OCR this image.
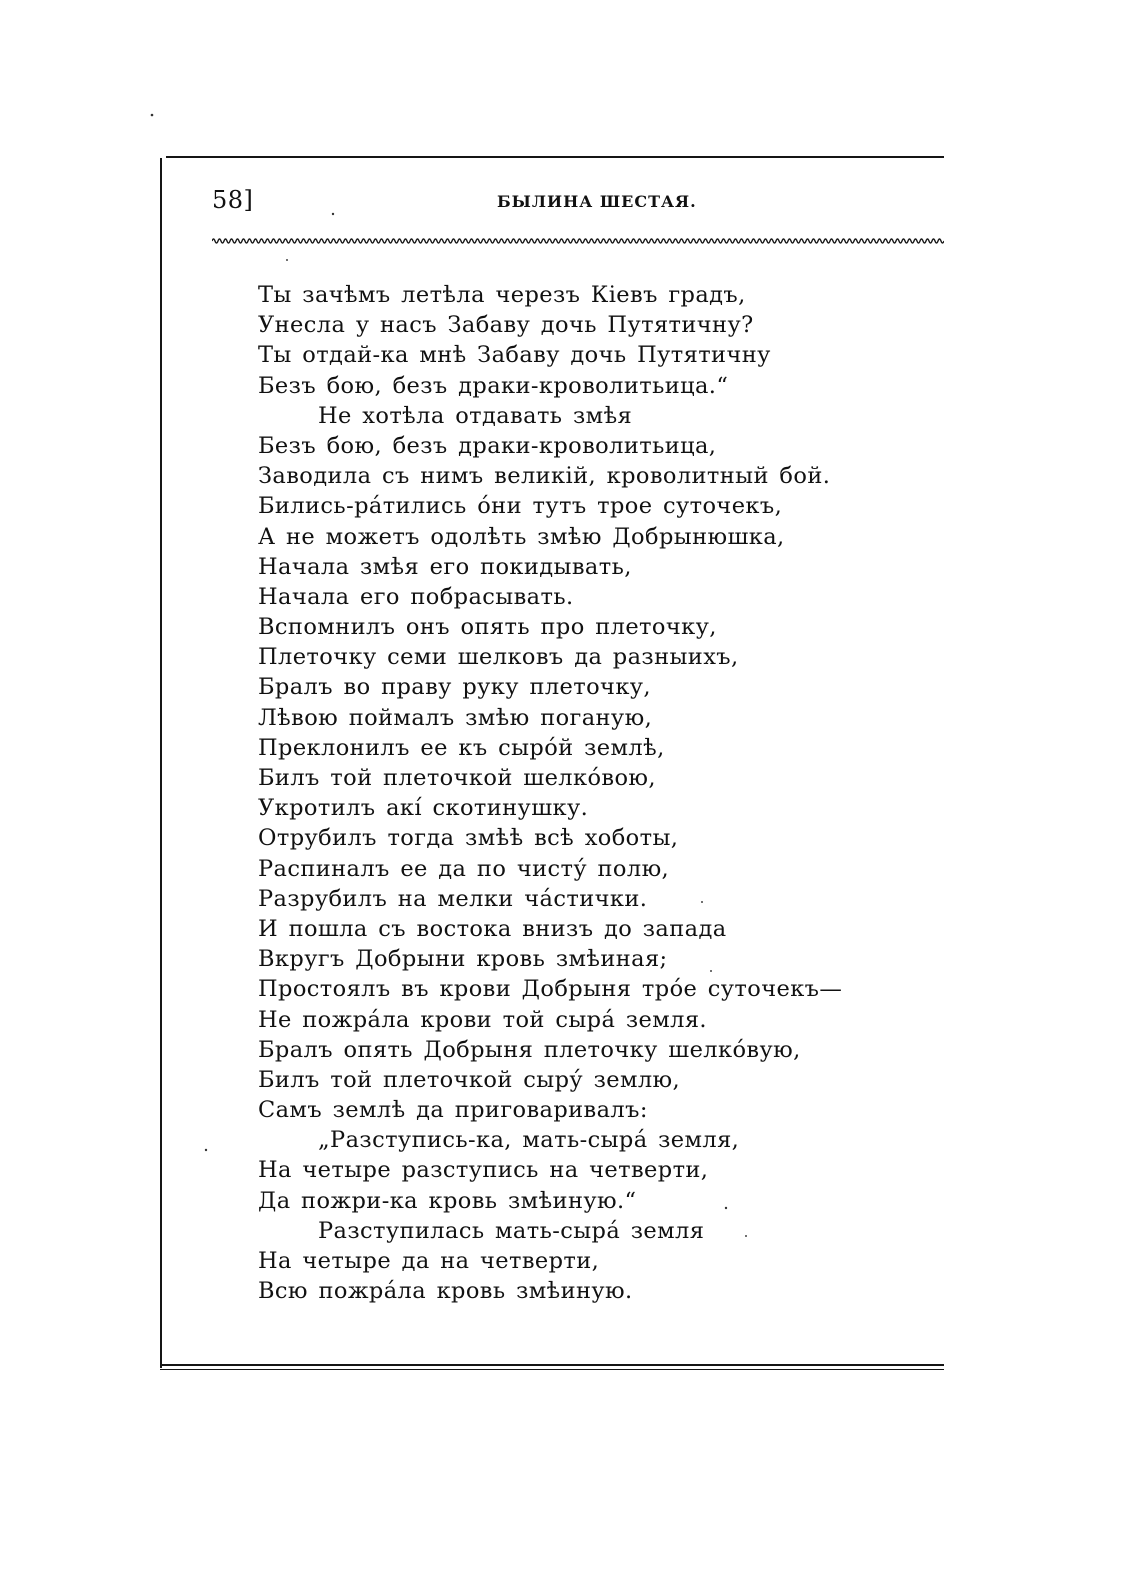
58]	БЫЛИНА ШЕСТАЯ.
Ты зачѣмъ летѣла черезъ Кіевъ градъ,
Унесла у насъ Забаву дочь Путятичну?
Ты отдай-ка мнѣ Забаву дочь Путятичну
Безъ бою, безъ драки-кроволитьица.“
Не хотѣла отдавать змѣя
Безъ бою, безъ драки-кроволитьица,
Заводила съ нимъ великій, кроволитный бой.
Бились-ра́тились о́ни тутъ трое суточекъ,
А не можетъ одолѣть змѣю Добрынюшка,
Начала змѣя его покидывать,
Начала его побрасывать.
Вспомнилъ онъ опять про плеточку,
Плеточку семи шелковъ да разныихъ,
Бралъ во праву руку плеточку,
Лѣвою поймалъ змѣю поганую,
Преклонилъ ее къ сыро́й землѣ,
Билъ той плеточкой шелко́вою,
Укротилъ акі́ скотинушку.
Отрубилъ тогда змѣѣ всѣ хоботы,
Распиналъ ее да по чисту́ полю,
Разрубилъ на мелки ча́стички.
И пошла съ востока внизъ до запада
Вкругъ Добрыни кровь змѣиная;
Простоялъ въ крови Добрыня тро́е суточекъ—
Не пожра́ла крови той сыра́ земля.
Бралъ опять Добрыня плеточку шелко́вую,
Билъ той плеточкой сыру́ землю,
Самъ землѣ да приговаривалъ:
„Разступись-ка, мать-сыра́ земля,
На четыре разступись на четверти,
Да пожри-ка кровь змѣиную.“
Разступилась мать-сыра́ земля
На четыре да на четверти,
Всю пожра́ла кровь змѣиную.
